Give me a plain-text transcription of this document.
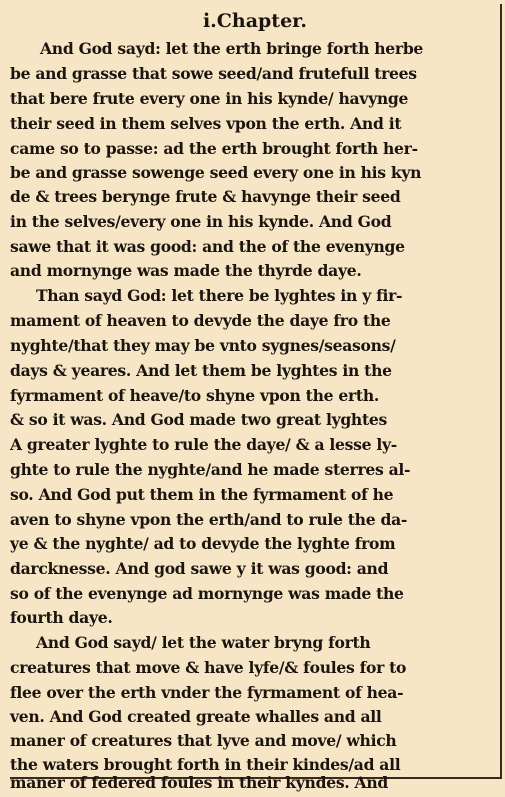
i.Chapter.
And God sayd: let the erth bringe forth herbe
be and grasse that sowe seed/and frutefull trees
that bere frute every one in his kynde/ havynge
their seed in them selves vpon the erth. And it
came so to passe: ad the erth brought forth her-
be and grasse sowenge seed every one in his kyn
de & trees berynge frute & havynge their seed
in the selves/every one in his kynde. And God
sawe that it was good: and the of the evenynge
and mornynge was made the thyrde daye.
Than sayd God: let there be lyghtes in y fir-
mament of heaven to devyde the daye fro the
nyghte/that they may be vnto sygnes/seasons/
days & yeares. And let them be lyghtes in the
fyrmament of heave/to shyne vpon the erth.
& so it was. And God made two great lyghtes
A greater lyghte to rule the daye/ & a lesse ly-
ghte to rule the nyghte/and he made sterres al-
so. And God put them in the fyrmament of he
aven to shyne vpon the erth/and to rule the da-
ye & the nyghte/ ad to devyde the lyghte from
darcknesse. And god sawe y it was good: and
so of the evenynge ad mornynge was made the
fourth daye.
And God sayd/ let the water bryng forth
creatures that move & have lyfe/& foules for to
flee over the erth vnder the fyrmament of hea-
ven. And God created greate whalles and all
maner of creatures that lyve and move/ which
the waters brought forth in their kindes/ad all
maner of federed foules in their kyndes. And
